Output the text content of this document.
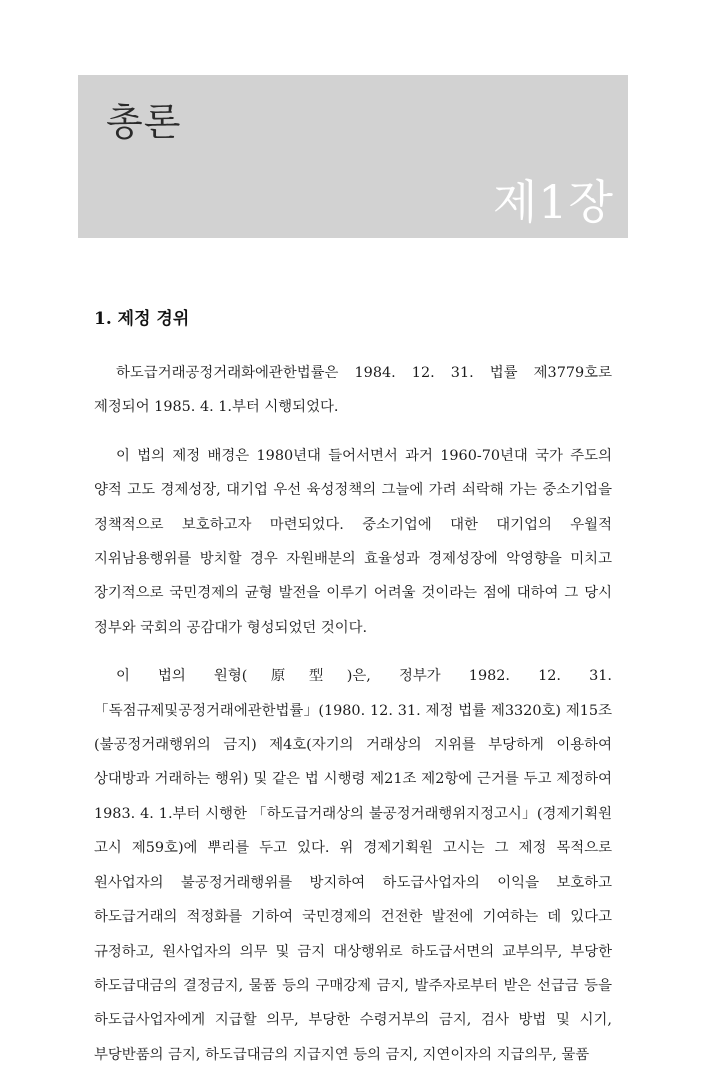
총론
제1장
1. 제정 경위

하도급거래공정거래화에관한법률은 1984. 12. 31. 법률 제3779호로 제정되어 1985. 4. 1.부터 시행되었다.

이 법의 제정 배경은 1980년대 들어서면서 과거 1960-70년대 국가 주도의 양적 고도 경제성장, 대기업 우선 육성정책의 그늘에 가려 쇠락해 가는 중소기업을 정책적으로 보호하고자 마련되었다. 중소기업에 대한 대기업의 우월적 지위남용행위를 방치할 경우 자원배분의 효율성과 경제성장에 악영향을 미치고 장기적으로 국민경제의 균형 발전을 이루기 어려울 것이라는 점에 대하여 그 당시 정부와 국회의 공감대가 형성되었던 것이다.

이 법의 원형(原型)은, 정부가 1982. 12. 31. 「독점규제및공정거래에관한법률」(1980. 12. 31. 제정 법률 제3320호) 제15조(불공정거래행위의 금지) 제4호(자기의 거래상의 지위를 부당하게 이용하여 상대방과 거래하는 행위) 및 같은 법 시행령 제21조 제2항에 근거를 두고 제정하여 1983. 4. 1.부터 시행한 「하도급거래상의 불공정거래행위지정고시」(경제기획원 고시 제59호)에 뿌리를 두고 있다. 위 경제기획원 고시는 그 제정 목적으로 원사업자의 불공정거래행위를 방지하여 하도급사업자의 이익을 보호하고 하도급거래의 적정화를 기하여 국민경제의 건전한 발전에 기여하는 데 있다고 규정하고, 원사업자의 의무 및 금지 대상행위로 하도급서면의 교부의무, 부당한 하도급대금의 결정금지, 물품 등의 구매강제 금지, 발주자로부터 받은 선급금 등을 하도급사업자에게 지급할 의무, 부당한 수령거부의 금지, 검사 방법 및 시기, 부당반품의 금지, 하도급대금의 지급지연 등의 금지, 지연이자의 지급의무, 물품
